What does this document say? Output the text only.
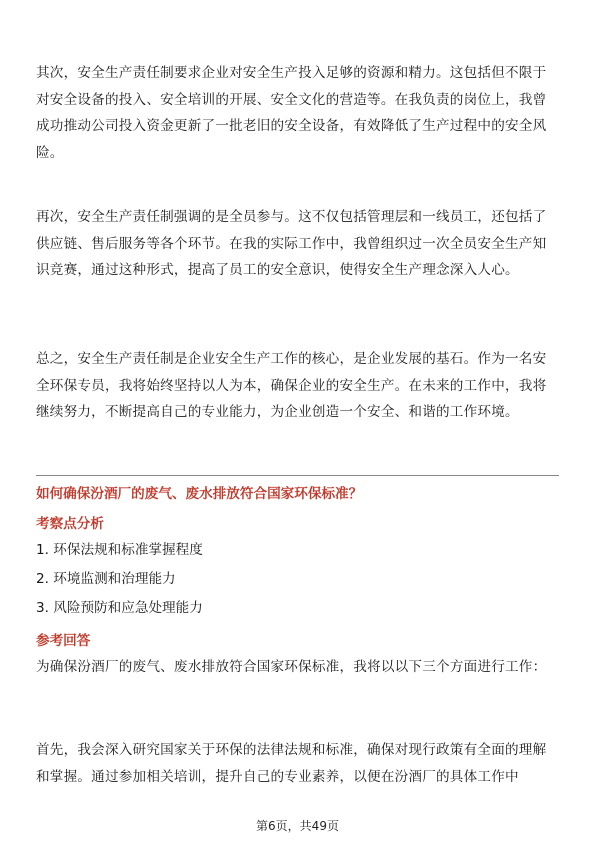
其次，安全生产责任制要求企业对安全生产投入足够的资源和精力。这包括但不限于对安全设备的投入、安全培训的开展、安全文化的营造等。在我负责的岗位上，我曾成功推动公司投入资金更新了一批老旧的安全设备，有效降低了生产过程中的安全风险。

再次，安全生产责任制强调的是全员参与。这不仅包括管理层和一线员工，还包括了供应链、售后服务等各个环节。在我的实际工作中，我曾组织过一次全员安全生产知识竞赛，通过这种形式，提高了员工的安全意识，使得安全生产理念深入人心。

总之，安全生产责任制是企业安全生产工作的核心，是企业发展的基石。作为一名安全环保专员，我将始终坚持以人为本，确保企业的安全生产。在未来的工作中，我将继续努力，不断提高自己的专业能力，为企业创造一个安全、和谐的工作环境。

如何确保汾酒厂的废气、废水排放符合国家环保标准？

考察点分析

1. 环保法规和标准掌握程度
2. 环境监测和治理能力
3. 风险预防和应急处理能力

参考回答

为确保汾酒厂的废气、废水排放符合国家环保标准，我将以以下三个方面进行工作：

首先，我会深入研究国家关于环保的法律法规和标准，确保对现行政策有全面的理解和掌握。通过参加相关培训，提升自己的专业素养，以便在汾酒厂的具体工作中

第6页，共49页
